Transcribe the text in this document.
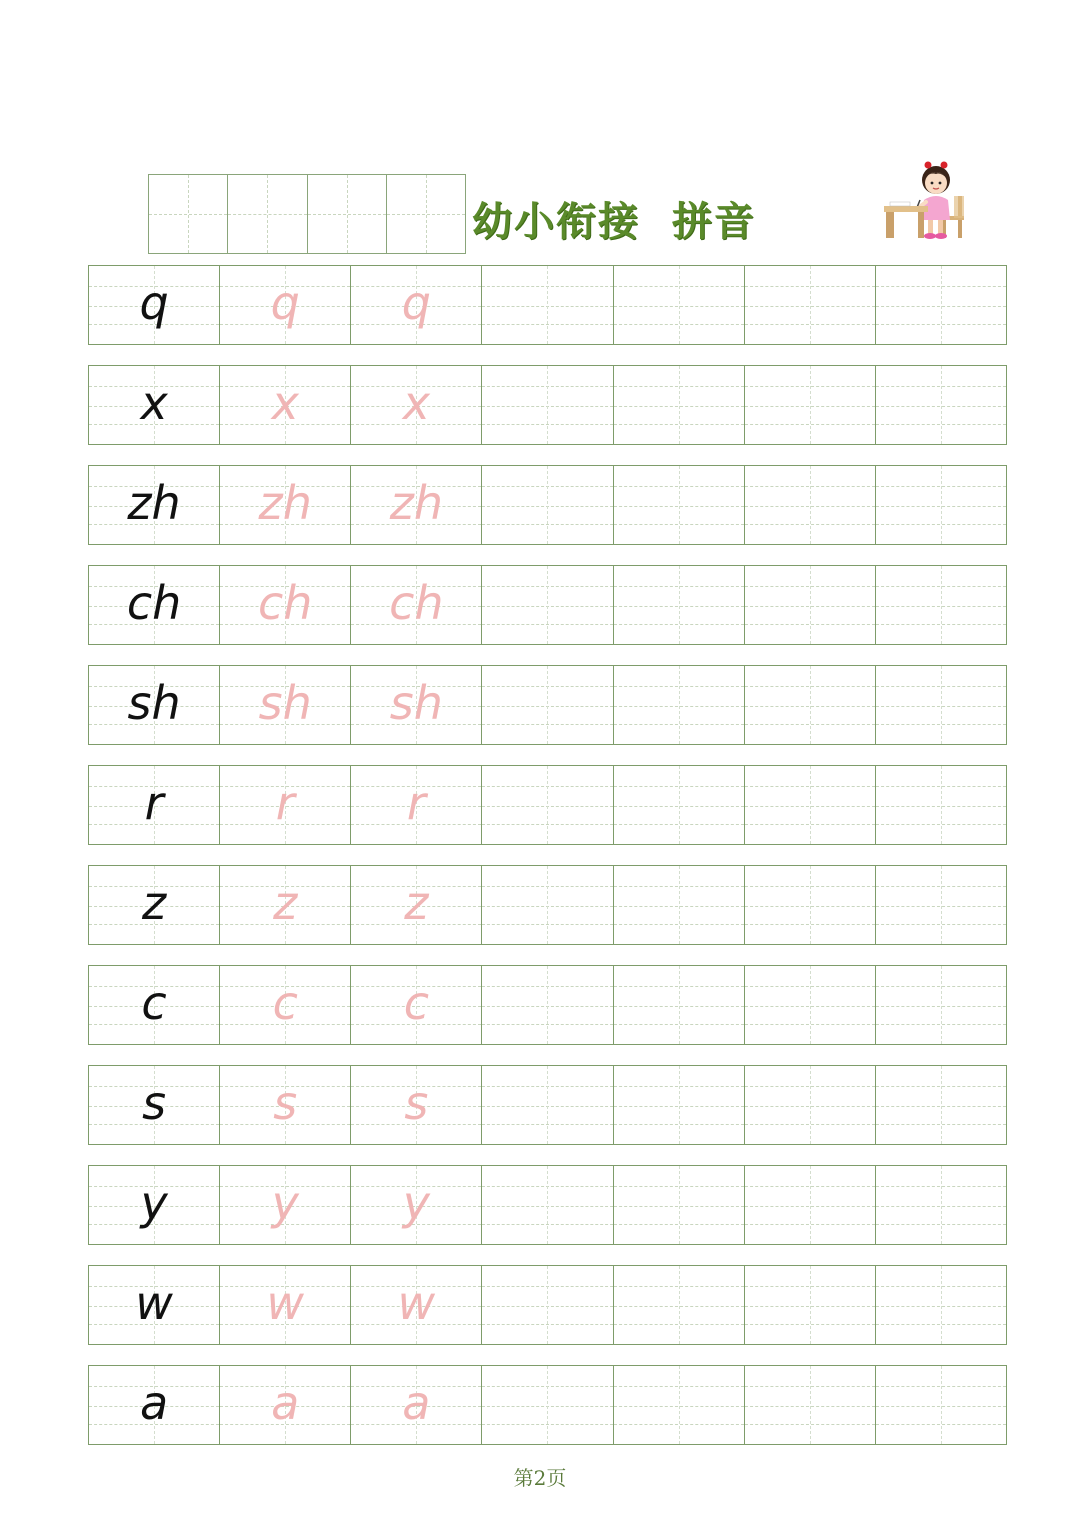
幼小衔接  拼音
q q q
x x x
zh zh zh
ch ch ch
sh sh sh
r r r
z z z
c c c
s s s
y y y
w w w
a a a
第2页
